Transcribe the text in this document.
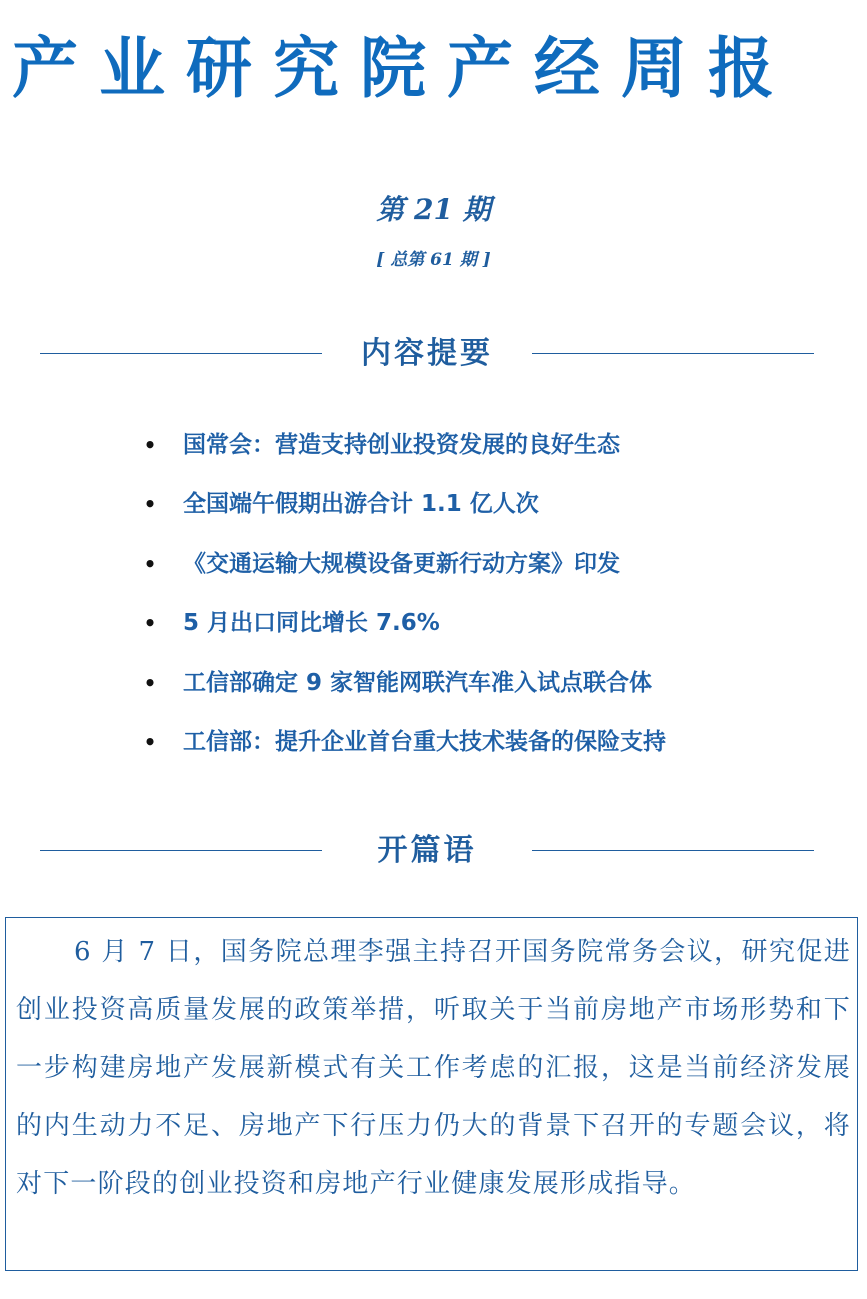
产业研究院产经周报
第 21 期
[ 总第 61 期 ]
内容提要
• 国常会：营造支持创业投资发展的良好生态
• 全国端午假期出游合计 1.1 亿人次
• 《交通运输大规模设备更新行动方案》印发
• 5 月出口同比增长 7.6%
• 工信部确定 9 家智能网联汽车准入试点联合体
• 工信部：提升企业首台重大技术装备的保险支持
开篇语

6 月 7 日，国务院总理李强主持召开国务院常务会议，研究促进创业投资高质量发展的政策举措，听取关于当前房地产市场形势和下一步构建房地产发展新模式有关工作考虑的汇报，这是当前经济发展的内生动力不足、房地产下行压力仍大的背景下召开的专题会议，将对下一阶段的创业投资和房地产行业健康发展形成指导。
